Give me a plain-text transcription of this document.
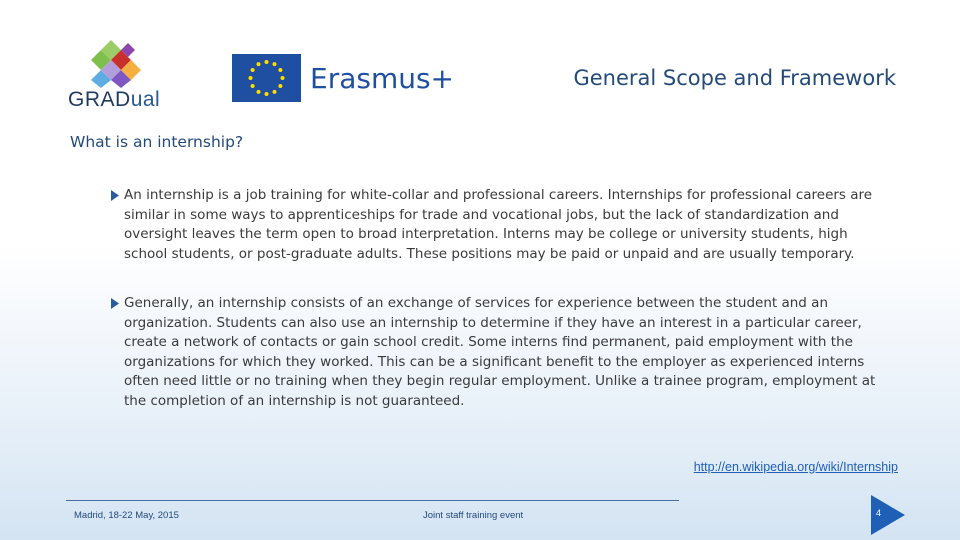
GRADual
Erasmus+	General Scope and Framework
What is an internship?

An internship is a job training for white-collar and professional careers. Internships for professional careers are similar in some ways to apprenticeships for trade and vocational jobs, but the lack of standardization and oversight leaves the term open to broad interpretation. Interns may be college or university students, high school students, or post-graduate adults. These positions may be paid or unpaid and are usually temporary.

Generally, an internship consists of an exchange of services for experience between the student and an organization. Students can also use an internship to determine if they have an interest in a particular career, create a network of contacts or gain school credit. Some interns find permanent, paid employment with the organizations for which they worked. This can be a significant benefit to the employer as experienced interns often need little or no training when they begin regular employment. Unlike a trainee program, employment at the completion of an internship is not guaranteed.

http://en.wikipedia.org/wiki/Internship
Madrid, 18-22 May, 2015	Joint staff training event	4
